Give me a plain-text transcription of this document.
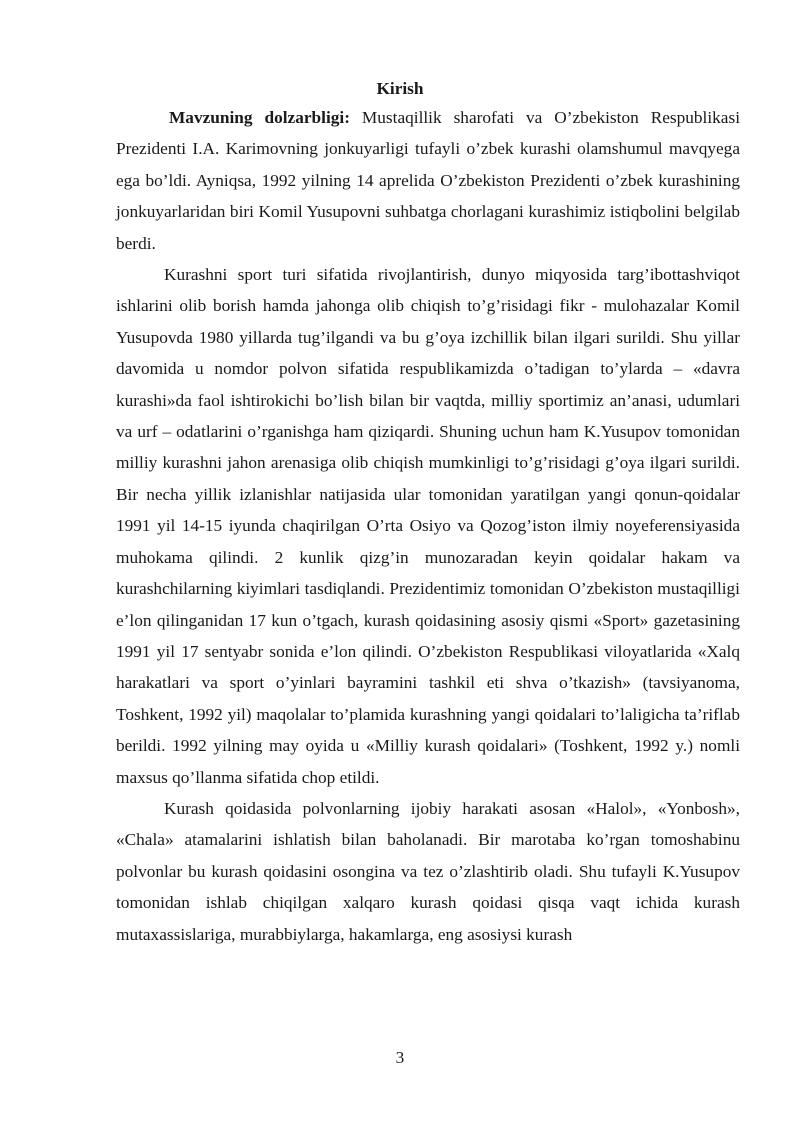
Kirish

Mavzuning dolzarbligi: Mustaqillik sharofati va O’zbekiston Respublikasi Prezidenti I.A. Karimovning jonkuyarligi tufayli o’zbek kurashi olamshumul mavqyega ega bo’ldi. Ayniqsa, 1992 yilning 14 aprelida O’zbekiston Prezidenti o’zbek kurashining jonkuyarlaridan biri Komil Yusupovni suhbatga chorlagani kurashimiz istiqbolini belgilab berdi.

Kurashni sport turi sifatida rivojlantirish, dunyo miqyosida targ’ibottashviqot ishlarini olib borish hamda jahonga olib chiqish to’g’risidagi fikr - mulohazalar Komil Yusupovda 1980 yillarda tug’ilgandi va bu g’oya izchillik bilan ilgari surildi. Shu yillar davomida u nomdor polvon sifatida respublikamizda o’tadigan to’ylarda – «davra kurashi»da faol ishtirokichi bo’lish bilan bir vaqtda, milliy sportimiz an’anasi, udumlari va urf – odatlarini o’rganishga ham qiziqardi. Shuning uchun ham K.Yusupov tomonidan milliy kurashni jahon arenasiga olib chiqish mumkinligi to’g’risidagi g’oya ilgari surildi. Bir necha yillik izlanishlar natijasida ular tomonidan yaratilgan yangi qonun-qoidalar 1991 yil 14-15 iyunda chaqirilgan O’rta Osiyo va Qozog’iston ilmiy noyeferensiyasida muhokama qilindi. 2 kunlik qizg’in munozaradan keyin qoidalar hakam va kurashchilarning kiyimlari tasdiqlandi. Prezidentimiz tomonidan O’zbekiston mustaqilligi e’lon qilinganidan 17 kun o’tgach, kurash qoidasining asosiy qismi «Sport» gazetasining 1991 yil 17 sentyabr sonida e’lon qilindi. O’zbekiston Respublikasi viloyatlarida «Xalq harakatlari va sport o’yinlari bayramini tashkil eti shva o’tkazish» (tavsiyanoma, Toshkent, 1992 yil) maqolalar to’plamida kurashning yangi qoidalari to’laligicha ta’riflab berildi. 1992 yilning may oyida u «Milliy kurash qoidalari» (Toshkent, 1992 y.) nomli maxsus qo’llanma sifatida chop etildi.

Kurash qoidasida polvonlarning ijobiy harakati asosan «Halol», «Yonbosh», «Chala» atamalarini ishlatish bilan baholanadi. Bir marotaba ko’rgan tomoshabinu polvonlar bu kurash qoidasini osongina va tez o’zlashtirib oladi. Shu tufayli K.Yusupov tomonidan ishlab chiqilgan xalqaro kurash qoidasi qisqa vaqt ichida kurash mutaxassislariga, murabbiylarga, hakamlarga, eng asosiysi kurash

3
